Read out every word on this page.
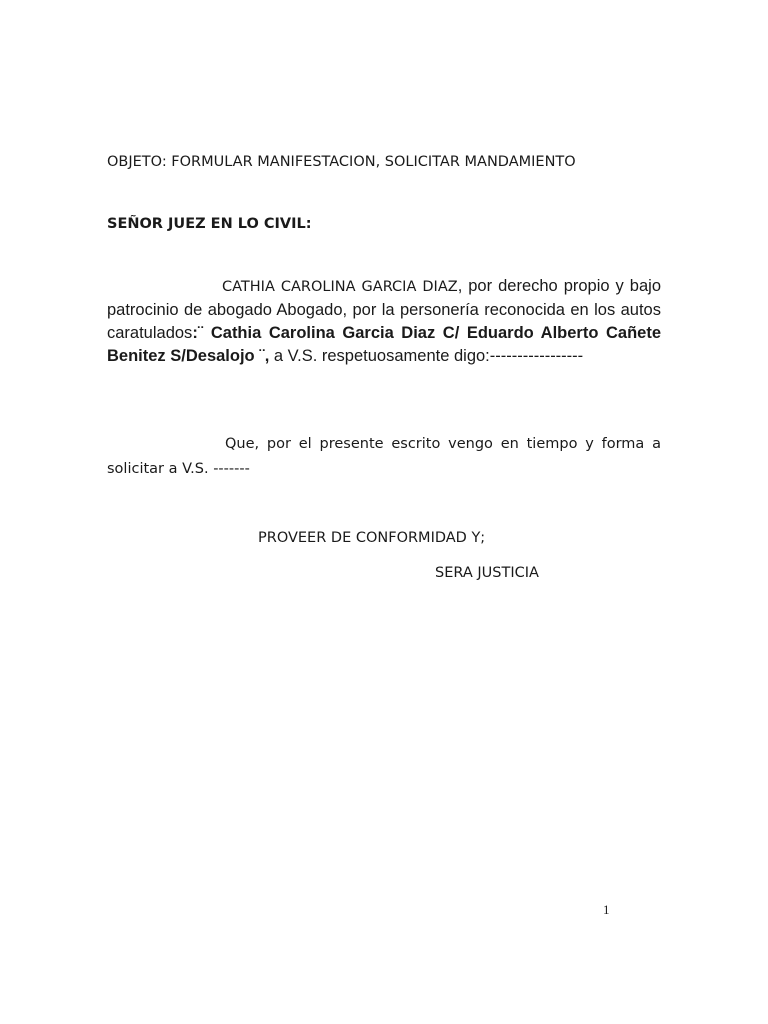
OBJETO: FORMULAR MANIFESTACION, SOLICITAR MANDAMIENTO
SEÑOR JUEZ EN LO CIVIL:
CATHIA CAROLINA GARCIA DIAZ, por derecho propio y bajo patrocinio de abogado Abogado, por la personería reconocida en los autos caratulados:¨ Cathia Carolina Garcia Diaz C/ Eduardo Alberto Cañete Benitez S/Desalojo ¨, a V.S. respetuosamente digo:-----------------
Que, por el presente escrito vengo en tiempo y forma a solicitar a V.S. -------
PROVEER DE CONFORMIDAD Y;
SERA JUSTICIA
1
